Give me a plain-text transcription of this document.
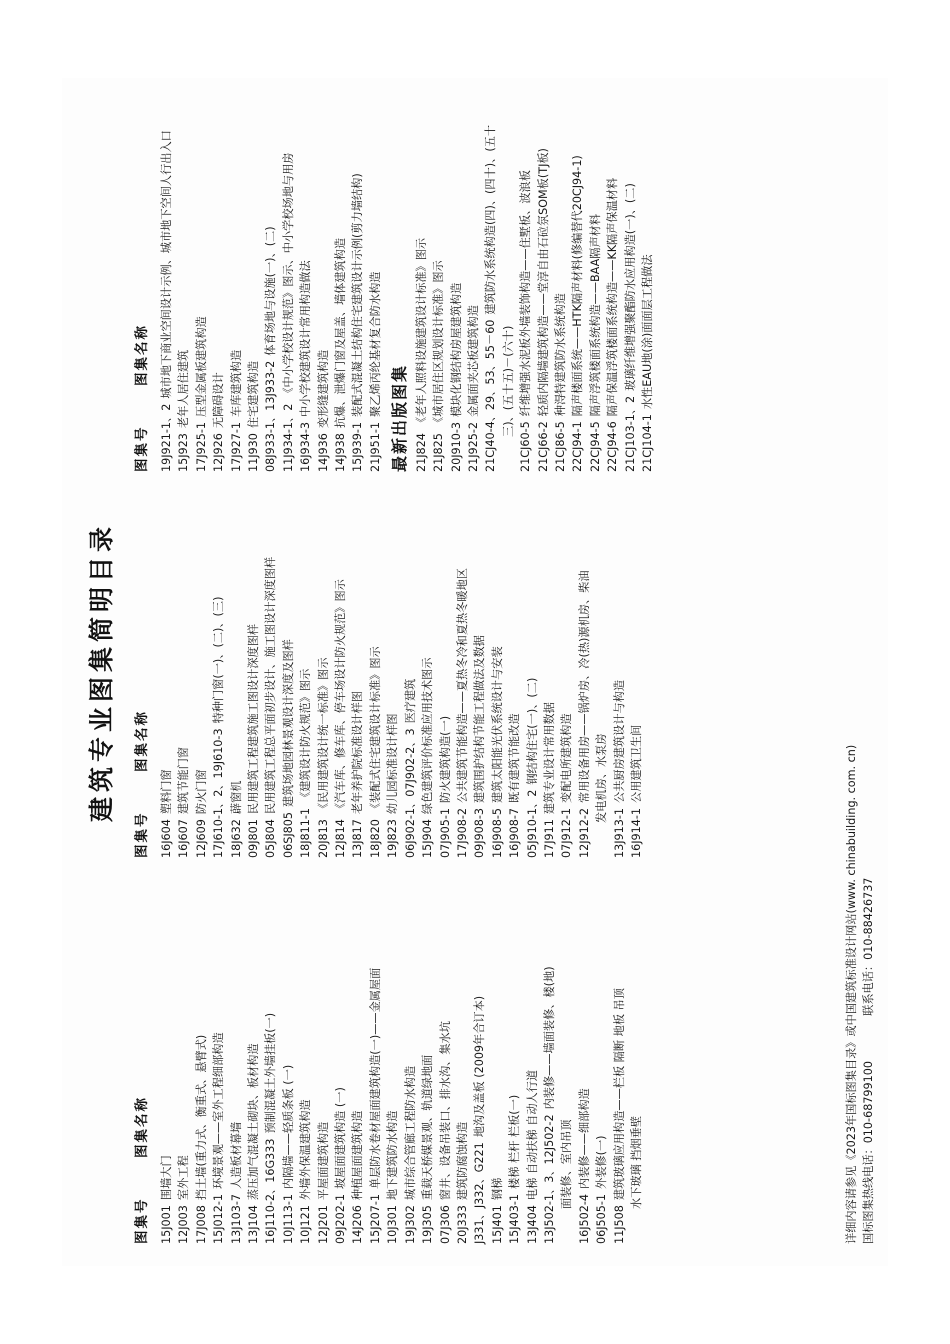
建筑专业图集简明目录
图集号
图集名称
15J001
围墙大门
12J003
室外工程
17J008
挡土墙(重力式、衡重式、悬臂式)
15J012-1
环境景观——室外工程细部构造
13J103-7
人造板材幕墙
13J104
蒸压加气混凝土砌块、板材构造 16J110-2、16G333
预制混凝土外墙挂板(一)
10J113-1
内隔墙——轻质条板 (一)
10J121
外墙外保温建筑构造
12J201
平屋面建筑构造
09J202-1
坡屋面建筑构造 (一)
14J206
种植屋面建筑构造
15J207-1
单层防水卷材屋面建筑构造(一)——金属屋面
10J301
地下建筑防水构造
19J302
城市综合管廊工程防水构造
19J305
重载天桥媒景观、轨道绿地面
07J306
窗井、设备吊装口、排水沟、集水坑
20J333
建筑防腐蚀构造 J331、J332、G221
地沟及盖板 (2009年合订本)
15J401
钢梯
15J403-1
楼梯 栏杆 栏板(一)
13J404
电梯 自动扶梯 自动人行道 13J502-1、3、12J502-2
内装修——墙面装修、楼(地)
面装修、室内吊顶
16J502-4
内装修——细部构造
06J505-1
外装修(一)
11J508
建筑玻璃应用构造——栏板 隔断 地板 吊顶 水下玻璃 挡烟垂壁
图集号
图集名称
16J604
塑料门窗
16J607
建筑节能门窗
12J609
防火门窗 17J610-1、2、19J610-3
特种门窗(一)、(二)、(三)
18J632
薜窗机
09J801
民用建筑工程建筑施工图设计深度图样
05J804
民用建筑工程总平面初步设计、施工图设计深度图样
06SJ805
建筑场地园林景观设计深度及图样
18J811-1
《建筑设计防火规范》图示
20J813
《民用建筑设计统一标准》图示
12J814
《汽车库、修车库、停车场设计防火规范》图示
13J817
老年养护院标准设计样图
18J820
《装配式住宅建筑设计标准》图示
19J823
幼儿园标准设计样图 06J902-1、07J902-2、3
医疗建筑
15J904
绿色建筑评价标准应用技术图示
07J905-1
防火建筑构造(一)
17J908-2
公共建筑节能构造——夏热冬冷和夏热冬暖地区
09J908-3
建筑围护结构节能工程做法及数据
16J908-5
建筑太阳能光伏系统设计与安装
16J908-7
既有建筑节能改造
05J910-1、2
钢结构住宅(一)、(二)
17J911
建筑专业设计常用数据
07J912-1
变配电所建筑构造
12J912-2
常用设备用房——锅炉房、冷(热)源机房、柴油 发电机房、水泵房
13J913-1
公共厨房建筑设计与构造
16J914-1
公用建筑卫生间
图集号
图集名称
19J921-1、2
城市地下商业空间设计示例、城市地下空间人行出入口
15J923
老年人居住建筑
17J925-1
压型金属板建筑构造
12J926
无障碍设计
17J927-1
车库建筑构造
11J930
住宅建筑构造 08J933-1、13J933-2
体育场地与设施(一)、(二)
11J934-1、2
《中小学校设计规范》图示、中小学校场地与用房
16J934-3
中小学校建筑设计常用构造做法
14J936
变形缝建筑构造
14J938
抗爆、泄爆门窗及屋盖、墙体建筑构造
15J939-1
装配式混凝土结构住宅建筑设计示例(剪力墙结构)
21J951-1
聚乙烯丙纶基材复合防水构造
最新出版图集 21J824
《老年人照料设施建筑设计标准》图示
21J825
《城市居住区规划设计标准》图示
20J910-3
模块化钢结构房屋建筑构造
21J925-2
金属面夹芯板建筑构造 21CJ40-4、29、53、55－60
建筑防水系统构造(四)、(四十)、(五十
三)、(五十五)－(六十)
21CJ60-5
纤维增强水泥板外墙装饰构造——住墅板、波浪板
21CJ66-2
轻质内隔墙建筑构造——堂淳自由石砬氛SOM板(TJ板)
21CJ86-5
种淂特建筑防水系统构造
22CJ94-1
隔声楼面系统——HTK隔声材料(修编替代20CJ94-1)
22CJ94-5
隔声浮筑楼面系统构造——BAA隔声材料
22CJ94-6
隔声保温浮筑楼面系统构造——KK隔声保温材料
21CJ103-1、2
玻璃纤维增强聚酯防水应用构造(一)、(二)
21CJ104-1
水性EAU地(涂)面面层工程做法
详细内容请参见《2023年国标图集目录》或中国建筑标准设计网站(www. chinabuilding. com. cn) 国标图集热线电话：010-68799100  联系电话：010-88426737
